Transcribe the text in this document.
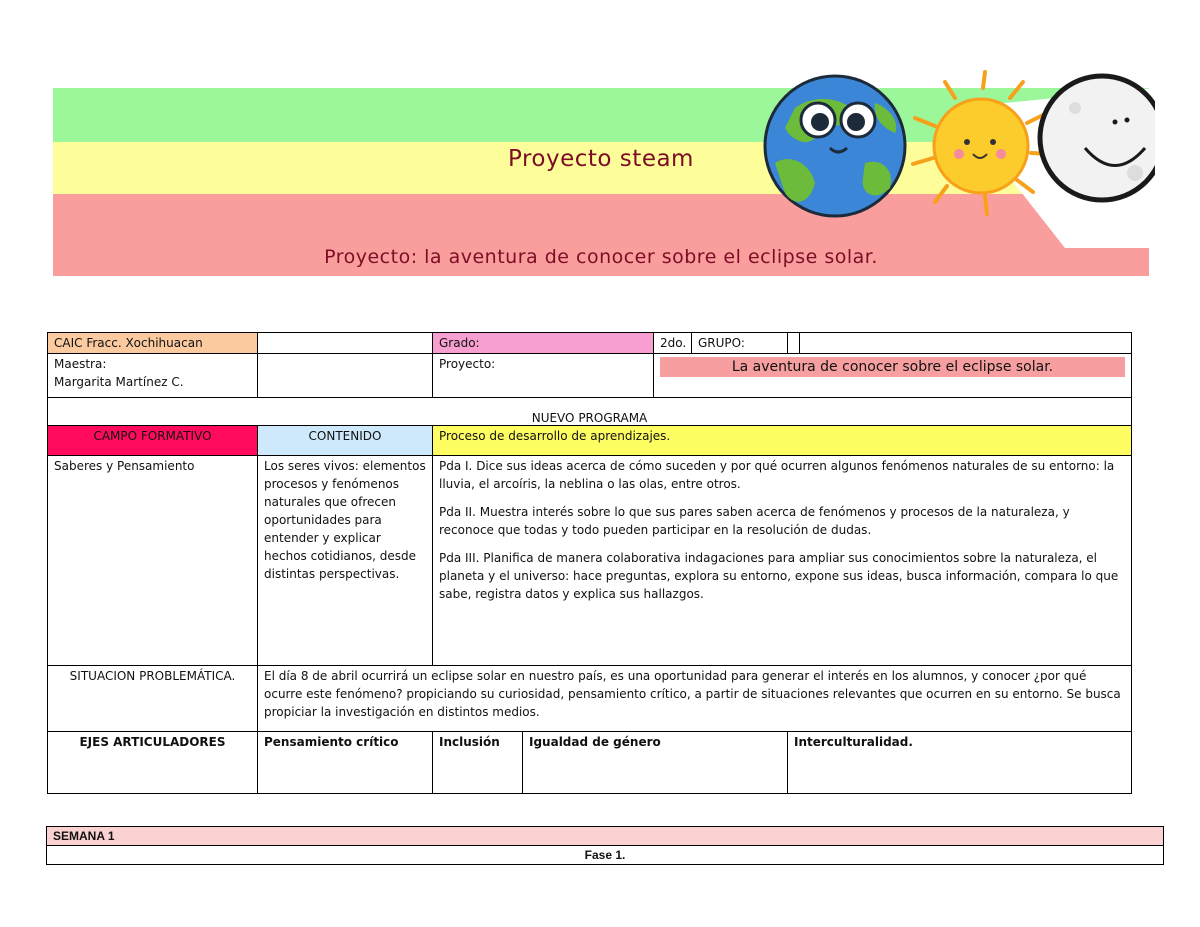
Proyecto steam
Proyecto: la aventura de conocer sobre el eclipse solar.
CAIC Fracc. Xochihuacan		Grado:		2do.	GRUPO:		

Maestra:
Margarita Martínez C.		Proyecto:		La aventura de conocer sobre el eclipse solar.			

NUEVO PROGRAMA							
CAMPO FORMATIVO	CONTENIDO	Proceso de desarrollo de aprendizajes.					
Saberes y Pensamiento	Los seres vivos: elementos procesos y fenómenos naturales que ofrecen oportunidades para entender y explicar hechos cotidianos, desde distintas perspectivas.	Pda I. Dice sus ideas acerca de cómo suceden y por qué ocurren algunos fenómenos naturales de su entorno: la lluvia, el arcoíris, la neblina o las olas, entre otros.

Pda II. Muestra interés sobre lo que sus pares saben acerca de fenómenos y procesos de la naturaleza, y reconoce que todas y todo pueden participar en la resolución de dudas.

Pda III. Planifica de manera colaborativa indagaciones para ampliar sus conocimientos sobre la naturaleza, el planeta y el universo: hace preguntas, explora su entorno, expone sus ideas, busca información, compara lo que sabe, registra datos y explica sus hallazgos.					

SITUACION PROBLEMÁTICA.	El día 8 de abril ocurrirá un eclipse solar en nuestro país, es una oportunidad para generar el interés en los alumnos, y conocer ¿por qué ocurre este fenómeno? propiciando su curiosidad, pensamiento crítico, a partir de situaciones relevantes que ocurren en su entorno. Se busca propiciar la investigación en distintos medios.						
EJES ARTICULADORES	Pensamiento crítico	Inclusión	Igualdad de género			Interculturalidad.	
SEMANA 1
Fase 1.
